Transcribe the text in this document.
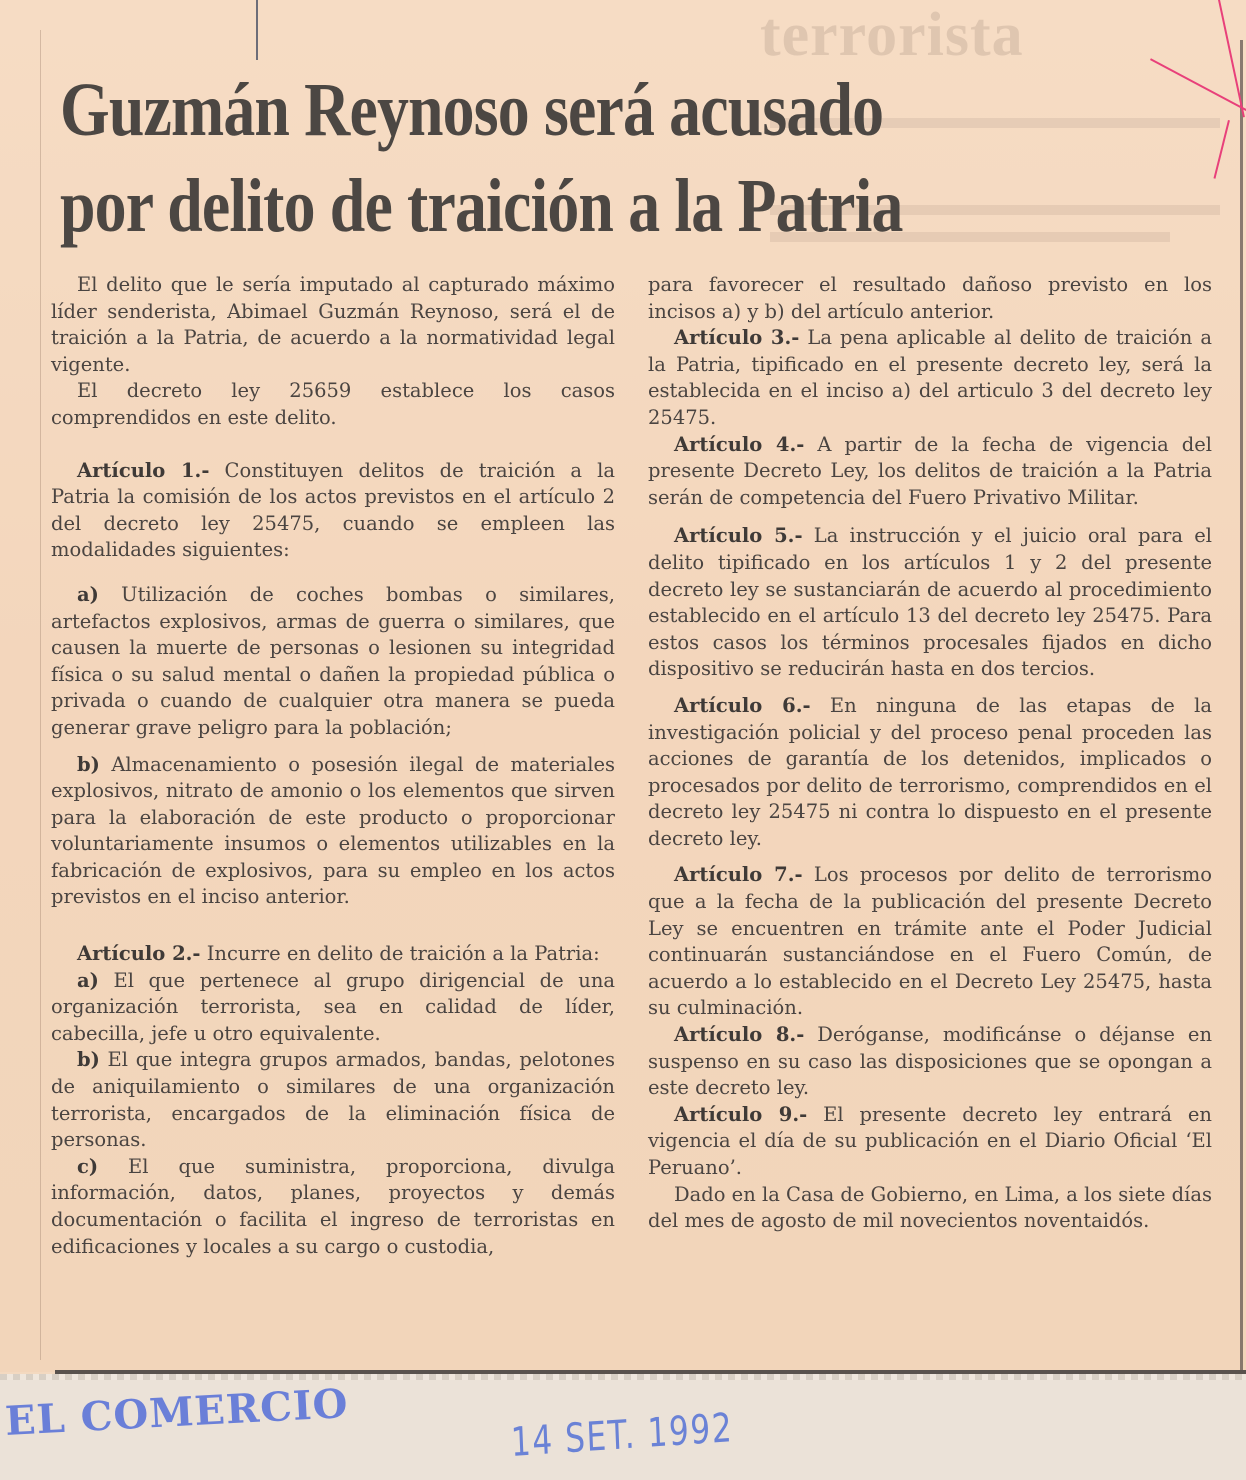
terrorista
Guzmán Reynoso será acusado
por delito de traición a la Patria

El delito que le sería imputado al capturado máximo líder senderista, Abimael Guzmán Reynoso, será el de traición a la Patria, de acuerdo a la normatividad legal vigente.

El decreto ley 25659 establece los casos comprendidos en este delito.

Artículo 1.- Constituyen delitos de traición a la Patria la comisión de los actos previstos en el artículo 2 del decreto ley 25475, cuando se empleen las modalidades siguientes:

a) Utilización de coches bombas o similares, artefactos explosivos, armas de guerra o similares, que causen la muerte de personas o lesionen su integridad física o su salud mental o dañen la propiedad pública o privada o cuando de cualquier otra manera se pueda generar grave peligro para la población;

b) Almacenamiento o posesión ilegal de materiales explosivos, nitrato de amonio o los elementos que sirven para la elaboración de este producto o proporcionar voluntariamente insumos o elementos utilizables en la fabricación de explosivos, para su empleo en los actos previstos en el inciso anterior.

Artículo 2.- Incurre en delito de traición a la Patria:

a) El que pertenece al grupo dirigencial de una organización terrorista, sea en calidad de líder, cabecilla, jefe u otro equivalente.

b) El que integra grupos armados, bandas, pelotones de aniquilamiento o similares de una organización terrorista, encargados de la eliminación física de personas.

c) El que suministra, proporciona, divulga información, datos, planes, proyectos y demás documentación o facilita el ingreso de terroristas en edificaciones y locales a su cargo o custodia,

para favorecer el resultado dañoso previsto en los incisos a) y b) del artículo anterior.

Artículo 3.- La pena aplicable al delito de traición a la Patria, tipificado en el presente decreto ley, será la establecida en el inciso a) del articulo 3 del decreto ley 25475.

Artículo 4.- A partir de la fecha de vigencia del presente Decreto Ley, los delitos de traición a la Patria serán de competencia del Fuero Privativo Militar.

Artículo 5.- La instrucción y el juicio oral para el delito tipificado en los artículos 1 y 2 del presente decreto ley se sustanciarán de acuerdo al procedimiento establecido en el artículo 13 del decreto ley 25475. Para estos casos los términos procesales fijados en dicho dispositivo se reducirán hasta en dos tercios.

Artículo 6.- En ninguna de las etapas de la investigación policial y del proceso penal proceden las acciones de garantía de los detenidos, implicados o procesados por delito de terrorismo, comprendidos en el decreto ley 25475 ni contra lo dispuesto en el presente decreto ley.

Artículo 7.- Los procesos por delito de terrorismo que a la fecha de la publicación del presente Decreto Ley se encuentren en trámite ante el Poder Judicial continuarán sustanciándose en el Fuero Común, de acuerdo a lo establecido en el Decreto Ley 25475, hasta su culminación.

Artículo 8.- Deróganse, modificánse o déjanse en suspenso en su caso las disposiciones que se opongan a este decreto ley.

Artículo 9.- El presente decreto ley entrará en vigencia el día de su publicación en el Diario Oficial ‘El Peruano’.

Dado en la Casa de Gobierno, en Lima, a los siete días del mes de agosto de mil novecientos noventaidós.

EL COMERCIO	14 SET. 1992
